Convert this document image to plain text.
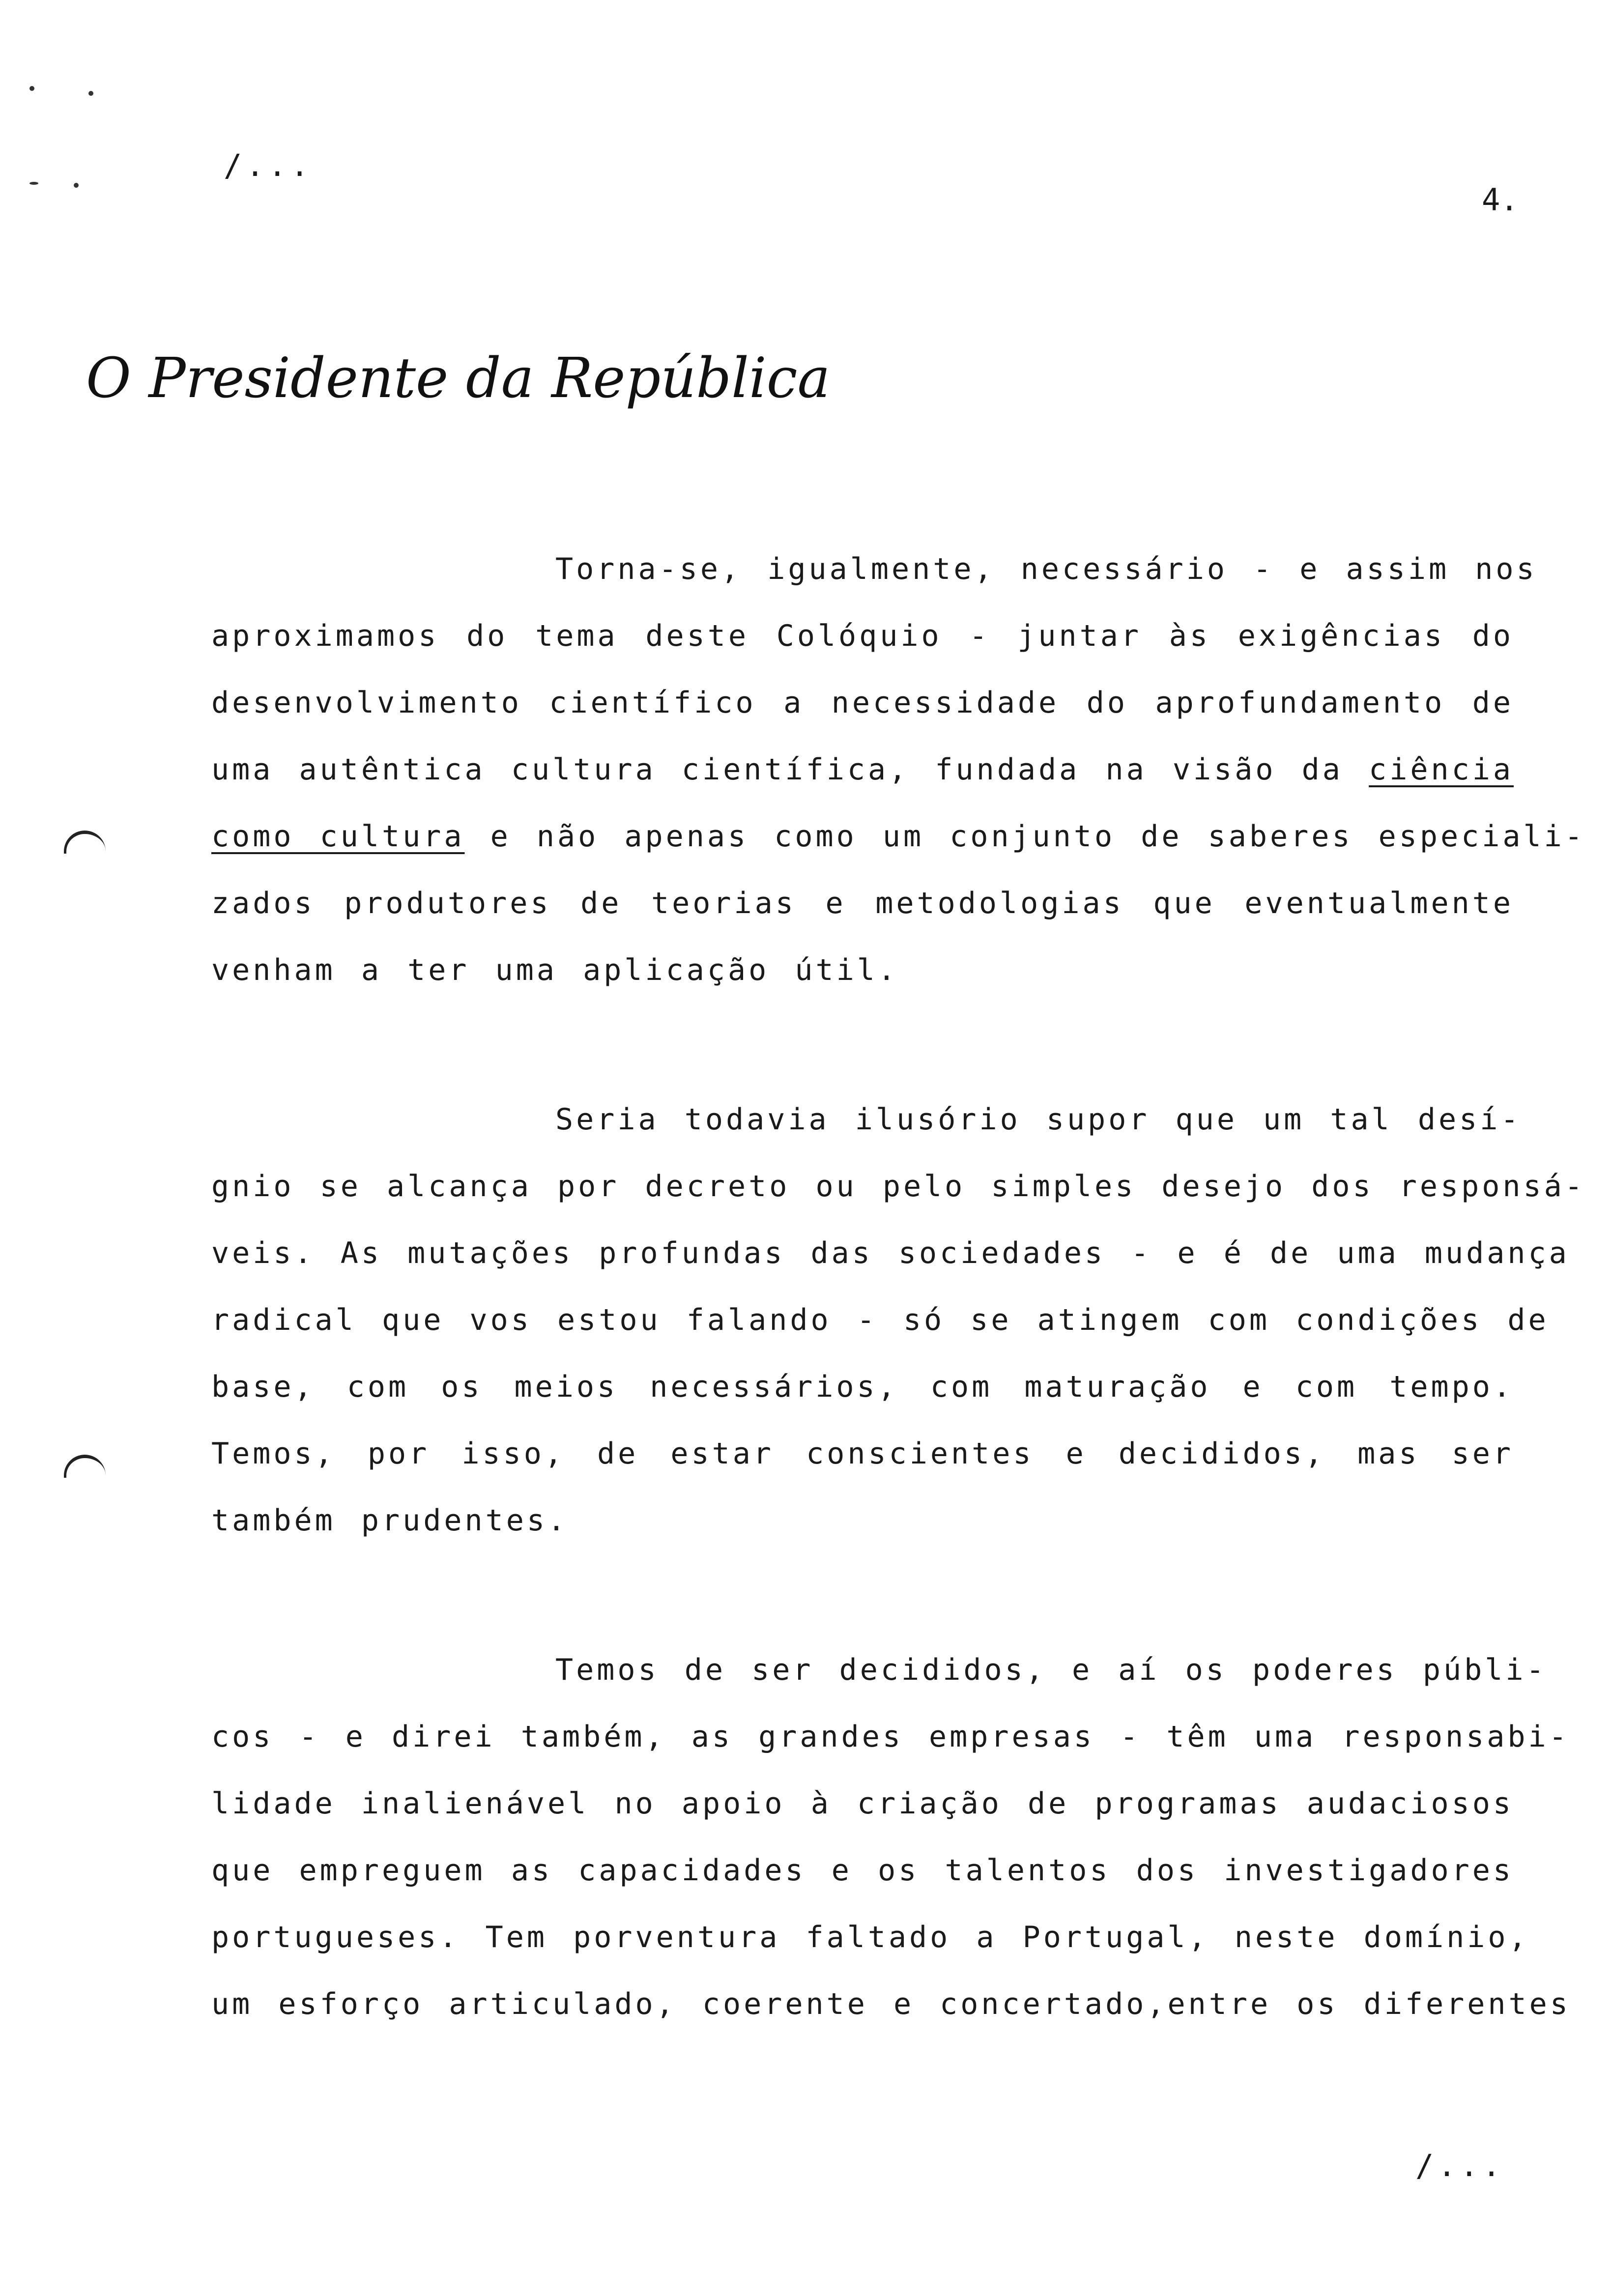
/...
4.
O Presidente da República
Torna-se, igualmente, necessário - e assim nos
aproximamos do tema deste Colóquio - juntar às exigências do
desenvolvimento científico a necessidade do aprofundamento de
uma autêntica cultura científica, fundada na visão da ciência
como cultura e não apenas como um conjunto de saberes especiali-
zados produtores de teorias e metodologias que eventualmente
venham a ter uma aplicação útil.
Seria todavia ilusório supor que um tal desí-
gnio se alcança por decreto ou pelo simples desejo dos responsá-
veis. As mutações profundas das sociedades - e é de uma mudança
radical que vos estou falando - só se atingem com condições de
base, com os meios necessários, com maturação e com tempo.
Temos, por isso, de estar conscientes e decididos, mas ser
também prudentes.
Temos de ser decididos, e aí os poderes públi-
cos - e direi também, as grandes empresas - têm uma responsabi-
lidade inalienável no apoio à criação de programas audaciosos
que empreguem as capacidades e os talentos dos investigadores
portugueses. Tem porventura faltado a Portugal, neste domínio,
um esforço articulado, coerente e concertado,entre os diferentes
/...
